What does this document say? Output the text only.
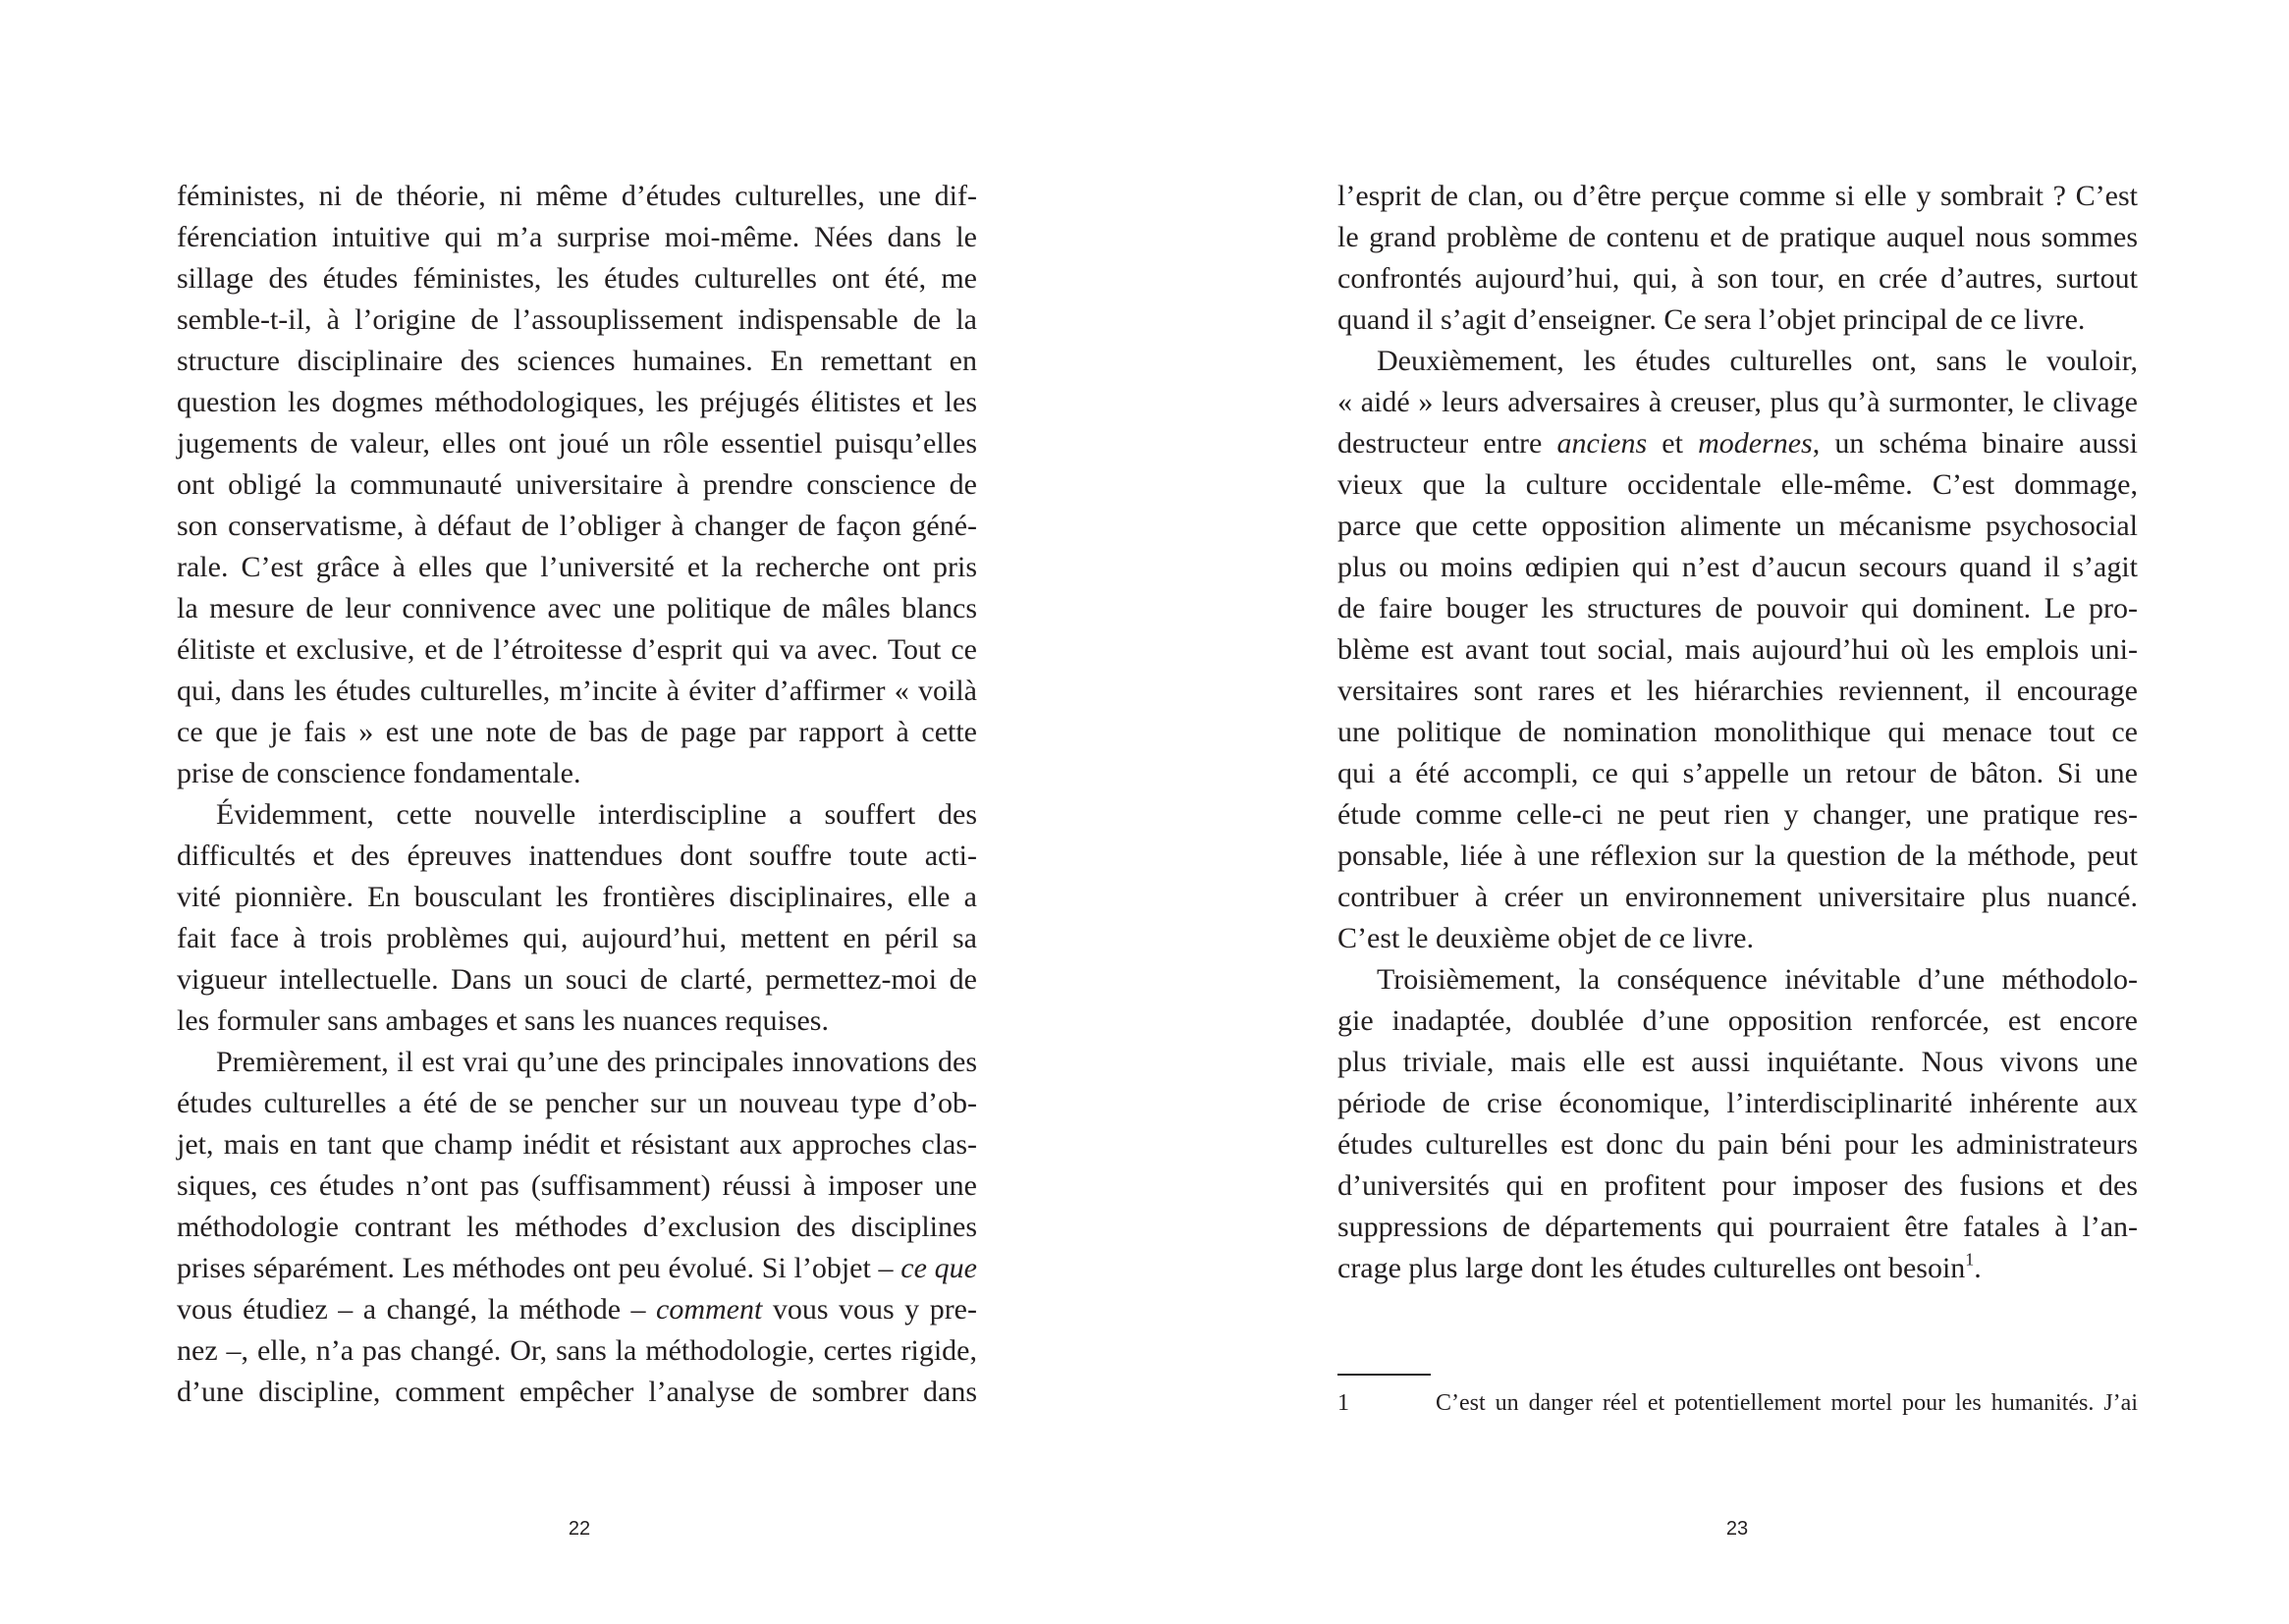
féministes, ni de théorie, ni même d’études culturelles, une dif-
férenciation intuitive qui m’a surprise moi-même. Nées dans le
sillage des études féministes, les études culturelles ont été, me
semble-t-il, à l’origine de l’assouplissement indispensable de la
structure disciplinaire des sciences humaines. En remettant en
question les dogmes méthodologiques, les préjugés élitistes et les
jugements de valeur, elles ont joué un rôle essentiel puisqu’elles
ont obligé la communauté universitaire à prendre conscience de
son conservatisme, à défaut de l’obliger à changer de façon géné-
rale. C’est grâce à elles que l’université et la recherche ont pris
la mesure de leur connivence avec une politique de mâles blancs
élitiste et exclusive, et de l’étroitesse d’esprit qui va avec. Tout ce
qui, dans les études culturelles, m’incite à éviter d’affirmer « voilà
ce que je fais » est une note de bas de page par rapport à cette
prise de conscience fondamentale.
Évidemment, cette nouvelle interdiscipline a souffert des
difficultés et des épreuves inattendues dont souffre toute acti-
vité pionnière. En bousculant les frontières disciplinaires, elle a
fait face à trois problèmes qui, aujourd’hui, mettent en péril sa
vigueur intellectuelle. Dans un souci de clarté, permettez-moi de
les formuler sans ambages et sans les nuances requises.
Premièrement, il est vrai qu’une des principales innovations des
études culturelles a été de se pencher sur un nouveau type d’ob-
jet, mais en tant que champ inédit et résistant aux approches clas-
siques, ces études n’ont pas (suffisamment) réussi à imposer une
méthodologie contrant les méthodes d’exclusion des disciplines
prises séparément. Les méthodes ont peu évolué. Si l’objet – ce que
vous étudiez – a changé, la méthode – comment vous vous y pre-
nez –, elle, n’a pas changé. Or, sans la méthodologie, certes rigide,
d’une discipline, comment empêcher l’analyse de sombrer dans
22
l’esprit de clan, ou d’être perçue comme si elle y sombrait ? C’est
le grand problème de contenu et de pratique auquel nous sommes
confrontés aujourd’hui, qui, à son tour, en crée d’autres, surtout
quand il s’agit d’enseigner. Ce sera l’objet principal de ce livre.
Deuxièmement, les études culturelles ont, sans le vouloir,
« aidé » leurs adversaires à creuser, plus qu’à surmonter, le clivage
destructeur entre anciens et modernes, un schéma binaire aussi
vieux que la culture occidentale elle-même. C’est dommage,
parce que cette opposition alimente un mécanisme psychosocial
plus ou moins œdipien qui n’est d’aucun secours quand il s’agit
de faire bouger les structures de pouvoir qui dominent. Le pro-
blème est avant tout social, mais aujourd’hui où les emplois uni-
versitaires sont rares et les hiérarchies reviennent, il encourage
une politique de nomination monolithique qui menace tout ce
qui a été accompli, ce qui s’appelle un retour de bâton. Si une
étude comme celle-ci ne peut rien y changer, une pratique res-
ponsable, liée à une réflexion sur la question de la méthode, peut
contribuer à créer un environnement universitaire plus nuancé.
C’est le deuxième objet de ce livre.
Troisièmement, la conséquence inévitable d’une méthodolo-
gie inadaptée, doublée d’une opposition renforcée, est encore
plus triviale, mais elle est aussi inquiétante. Nous vivons une
période de crise économique, l’interdisciplinarité inhérente aux
études culturelles est donc du pain béni pour les administrateurs
d’universités qui en profitent pour imposer des fusions et des
suppressions de départements qui pourraient être fatales à l’an-
crage plus large dont les études culturelles ont besoin$^1$.
1	C’est un danger réel et potentiellement mortel pour les humanités. J’ai
23
